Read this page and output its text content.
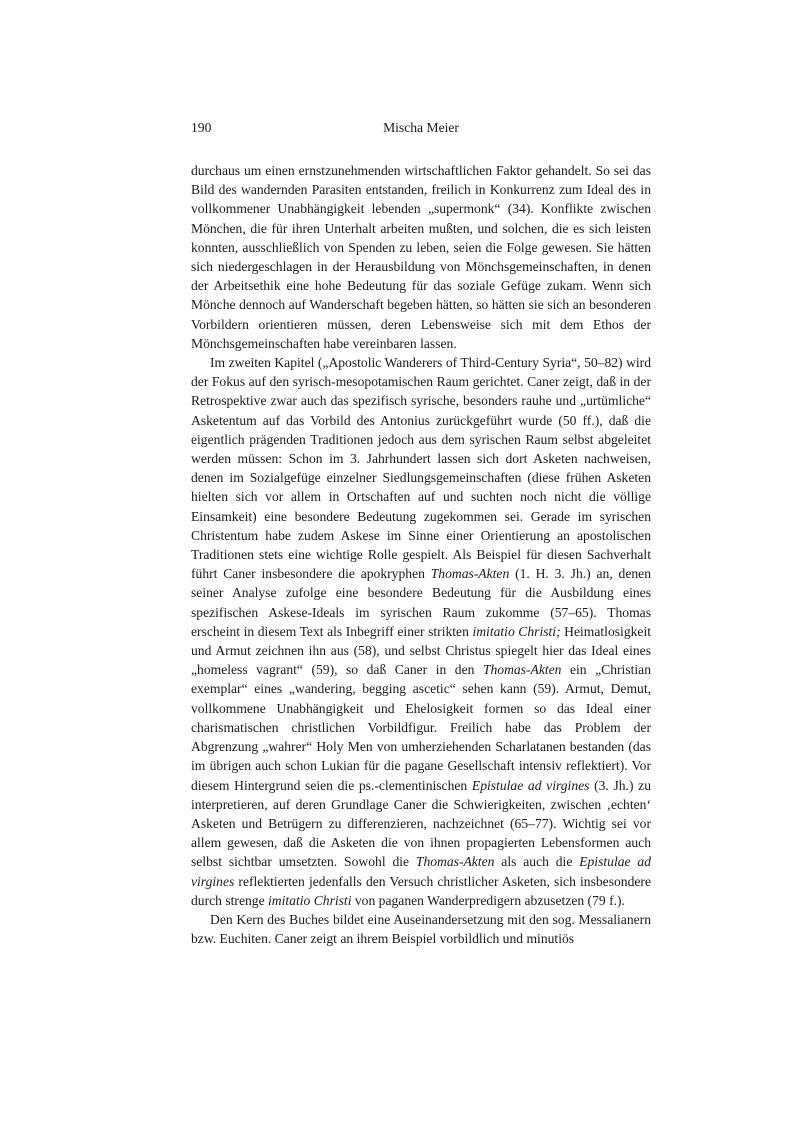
190	Mischa Meier

durchaus um einen ernstzunehmenden wirtschaftlichen Faktor gehandelt. So sei das Bild des wandernden Parasiten entstanden, freilich in Konkurrenz zum Ideal des in vollkommener Unabhängigkeit lebenden „supermonk“ (34). Konflikte zwischen Mönchen, die für ihren Unterhalt arbeiten mußten, und solchen, die es sich leisten konnten, ausschließlich von Spenden zu leben, seien die Folge gewesen. Sie hätten sich niedergeschlagen in der Herausbildung von Mönchsgemeinschaften, in denen der Arbeitsethik eine hohe Bedeutung für das soziale Gefüge zukam. Wenn sich Mönche dennoch auf Wanderschaft begeben hätten, so hätten sie sich an besonderen Vorbildern orientieren müssen, deren Lebensweise sich mit dem Ethos der Mönchsgemeinschaften habe vereinbaren lassen.

Im zweiten Kapitel („Apostolic Wanderers of Third-Century Syria“, 50–82) wird der Fokus auf den syrisch-mesopotamischen Raum gerichtet. Caner zeigt, daß in der Retrospektive zwar auch das spezifisch syrische, besonders rauhe und „urtümliche“ Asketentum auf das Vorbild des Antonius zurückgeführt wurde (50 ff.), daß die eigentlich prägenden Traditionen jedoch aus dem syrischen Raum selbst abgeleitet werden müssen: Schon im 3. Jahrhundert lassen sich dort Asketen nachweisen, denen im Sozialgefüge einzelner Siedlungsgemeinschaften (diese frühen Asketen hielten sich vor allem in Ortschaften auf und suchten noch nicht die völlige Einsamkeit) eine besondere Bedeutung zugekommen sei. Gerade im syrischen Christentum habe zudem Askese im Sinne einer Orientierung an apostolischen Traditionen stets eine wichtige Rolle gespielt. Als Beispiel für diesen Sachverhalt führt Caner insbesondere die apokryphen Thomas-Akten (1. H. 3. Jh.) an, denen seiner Analyse zufolge eine besondere Bedeutung für die Ausbildung eines spezifischen Askese-Ideals im syrischen Raum zukomme (57–65). Thomas erscheint in diesem Text als Inbegriff einer strikten imitatio Christi; Heimatlosigkeit und Armut zeichnen ihn aus (58), und selbst Christus spiegelt hier das Ideal eines „homeless vagrant“ (59), so daß Caner in den Thomas-Akten ein „Christian exemplar“ eines „wandering, begging ascetic“ sehen kann (59). Armut, Demut, vollkommene Unabhängigkeit und Ehelosigkeit formen so das Ideal einer charismatischen christlichen Vorbildfigur. Freilich habe das Problem der Abgrenzung „wahrer“ Holy Men von umherziehenden Scharlatanen bestanden (das im übrigen auch schon Lukian für die pagane Gesellschaft intensiv reflektiert). Vor diesem Hintergrund seien die ps.-clementinischen Epistulae ad virgines (3. Jh.) zu interpretieren, auf deren Grundlage Caner die Schwierigkeiten, zwischen ‚echten‘ Asketen und Betrügern zu differenzieren, nachzeichnet (65–77). Wichtig sei vor allem gewesen, daß die Asketen die von ihnen propagierten Lebensformen auch selbst sichtbar umsetzten. Sowohl die Thomas-Akten als auch die Epistulae ad virgines reflektierten jedenfalls den Versuch christlicher Asketen, sich insbesondere durch strenge imitatio Christi von paganen Wanderpredigern abzusetzen (79 f.).

Den Kern des Buches bildet eine Auseinandersetzung mit den sog. Messalianern bzw. Euchiten. Caner zeigt an ihrem Beispiel vorbildlich und minutiös
